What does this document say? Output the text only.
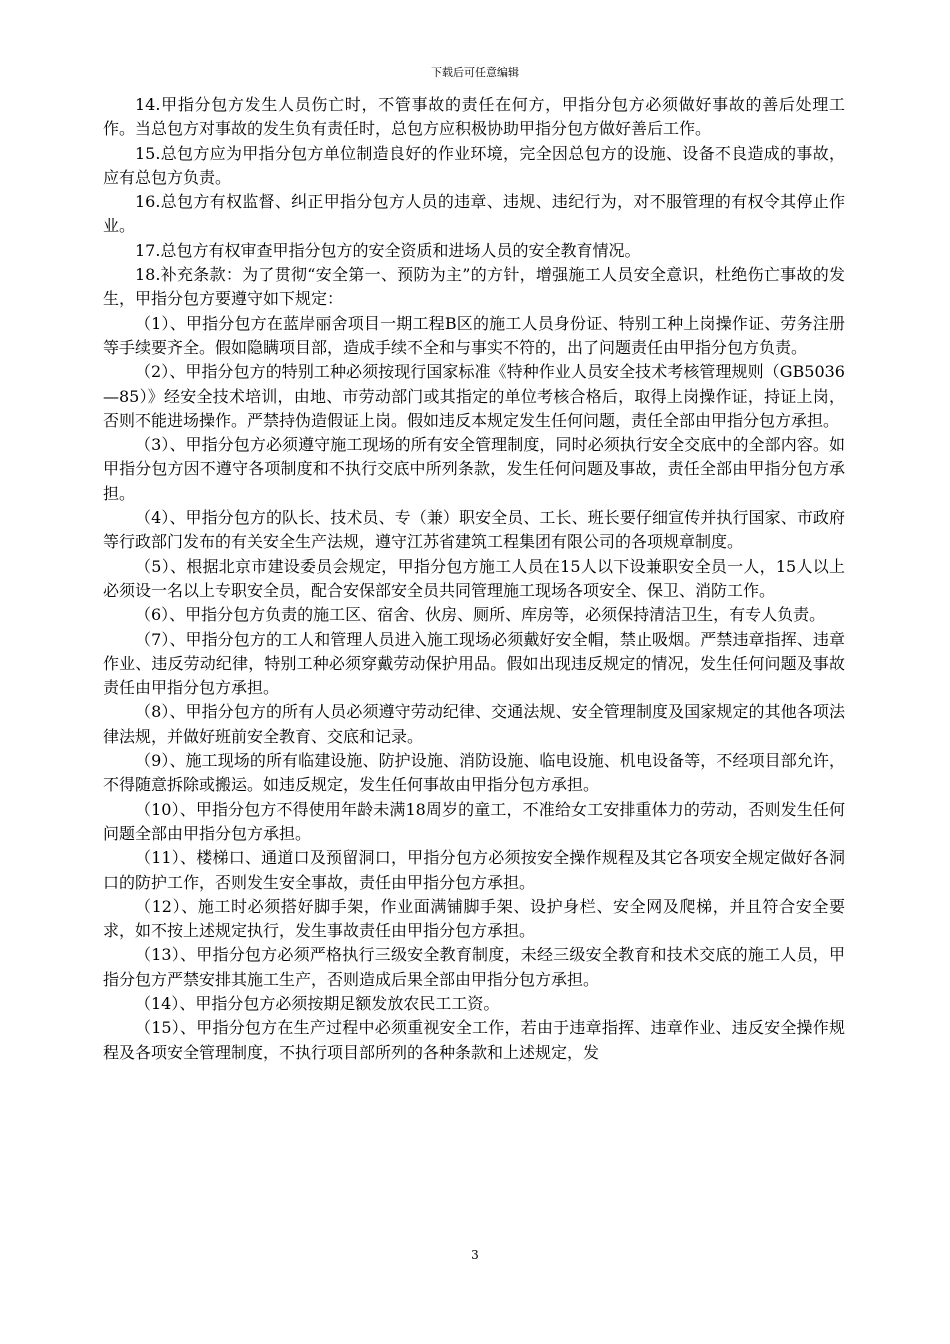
下载后可任意编辑

14.甲指分包方发生人员伤亡时，不管事故的责任在何方，甲指分包方必须做好事故的善后处理工作。当总包方对事故的发生负有责任时，总包方应积极协助甲指分包方做好善后工作。

15.总包方应为甲指分包方单位制造良好的作业环境，完全因总包方的设施、设备不良造成的事故，应有总包方负责。

16.总包方有权监督、纠正甲指分包方人员的违章、违规、违纪行为，对不服管理的有权令其停止作业。

17.总包方有权审查甲指分包方的安全资质和进场人员的安全教育情况。

18.补充条款：为了贯彻“安全第一、预防为主”的方针，增强施工人员安全意识，杜绝伤亡事故的发生，甲指分包方要遵守如下规定：

（1）、甲指分包方在蓝岸丽舍项目一期工程B区的施工人员身份证、特别工种上岗操作证、劳务注册等手续要齐全。假如隐瞒项目部，造成手续不全和与事实不符的，出了问题责任由甲指分包方负责。

（2）、甲指分包方的特别工种必须按现行国家标准《特种作业人员安全技术考核管理规则（GB5036—85）》经安全技术培训，由地、市劳动部门或其指定的单位考核合格后，取得上岗操作证，持证上岗，否则不能进场操作。严禁持伪造假证上岗。假如违反本规定发生任何问题，责任全部由甲指分包方承担。

（3）、甲指分包方必须遵守施工现场的所有安全管理制度，同时必须执行安全交底中的全部内容。如甲指分包方因不遵守各项制度和不执行交底中所列条款，发生任何问题及事故，责任全部由甲指分包方承担。

（4）、甲指分包方的队长、技术员、专（兼）职安全员、工长、班长要仔细宣传并执行国家、市政府等行政部门发布的有关安全生产法规，遵守江苏省建筑工程集团有限公司的各项规章制度。

（5）、根据北京市建设委员会规定，甲指分包方施工人员在15人以下设兼职安全员一人，15人以上必须设一名以上专职安全员，配合安保部安全员共同管理施工现场各项安全、保卫、消防工作。

（6）、甲指分包方负责的施工区、宿舍、伙房、厕所、库房等，必须保持清洁卫生，有专人负责。

（7）、甲指分包方的工人和管理人员进入施工现场必须戴好安全帽，禁止吸烟。严禁违章指挥、违章作业、违反劳动纪律，特别工种必须穿戴劳动保护用品。假如出现违反规定的情况，发生任何问题及事故责任由甲指分包方承担。

（8）、甲指分包方的所有人员必须遵守劳动纪律、交通法规、安全管理制度及国家规定的其他各项法律法规，并做好班前安全教育、交底和记录。

（9）、施工现场的所有临建设施、防护设施、消防设施、临电设施、机电设备等，不经项目部允许，不得随意拆除或搬运。如违反规定，发生任何事故由甲指分包方承担。

（10）、甲指分包方不得使用年龄未满18周岁的童工，不准给女工安排重体力的劳动，否则发生任何问题全部由甲指分包方承担。

（11）、楼梯口、通道口及预留洞口，甲指分包方必须按安全操作规程及其它各项安全规定做好各洞口的防护工作，否则发生安全事故，责任由甲指分包方承担。

（12）、施工时必须搭好脚手架，作业面满铺脚手架、设护身栏、安全网及爬梯，并且符合安全要求，如不按上述规定执行，发生事故责任由甲指分包方承担。

（13）、甲指分包方必须严格执行三级安全教育制度，未经三级安全教育和技术交底的施工人员，甲指分包方严禁安排其施工生产，否则造成后果全部由甲指分包方承担。

（14）、甲指分包方必须按期足额发放农民工工资。

（15）、甲指分包方在生产过程中必须重视安全工作，若由于违章指挥、违章作业、违反安全操作规程及各项安全管理制度，不执行项目部所列的各种条款和上述规定，发

3
